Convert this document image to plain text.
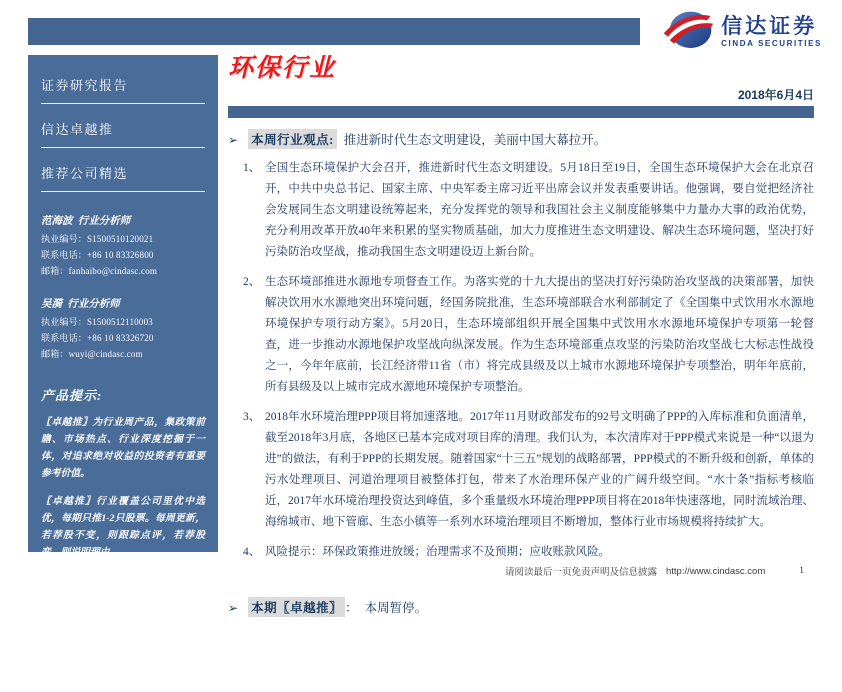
信达证券
CINDA SECURITIES
证券研究报告
信达卓越推
推荐公司精选
范海波 行业分析师
执业编号：S1500510120021
联系电话：+86 10 83326800
邮箱：fanhaibo@cindasc.com
吴漪 行业分析师
执业编号：S1500512110003
联系电话：+86 10 83326720
邮箱：wuyi@cindasc.com
产品提示:

〖卓越推〗为行业周产品，集政策前瞻、市场热点、行业深度挖掘于一体，对追求绝对收益的投资者有重要参考价值。

〖卓越推〗行业覆盖公司里优中选优，每期只推1-2只股票。每周更新，若荐股不变，则跟踪点评，若荐股变，则说明理由。

〖卓越推〗为未来3个月我们最看好，我们认为这些股票走势将显著战胜市场，建议重点配置。

信达证券股份有限公司
CINDA SECURITIES CO.,LTD
北京市西城区闹市口大街9号院1号楼
邮编：100031
环保行业
2018年6月4日
➢ 本周行业观点: 推进新时代生态文明建设，美丽中国大幕拉开。
1、 全国生态环境保护大会召开，推进新时代生态文明建设。5月18日至19日，全国生态环境保护大会在北京召开，中共中央总书记、国家主席、中央军委主席习近平出席会议并发表重要讲话。他强调，要自觉把经济社会发展同生态文明建设统筹起来，充分发挥党的领导和我国社会主义制度能够集中力量办大事的政治优势，充分利用改革开放40年来积累的坚实物质基础，加大力度推进生态文明建设、解决生态环境问题，坚决打好污染防治攻坚战，推动我国生态文明建设迈上新台阶。
2、 生态环境部推进水源地专项督查工作。为落实党的十九大提出的坚决打好污染防治攻坚战的决策部署，加快解决饮用水水源地突出环境问题，经国务院批准，生态环境部联合水利部制定了《全国集中式饮用水水源地环境保护专项行动方案》。5月20日，生态环境部组织开展全国集中式饮用水水源地环境保护专项第一轮督查，进一步推动水源地保护攻坚战向纵深发展。作为生态环境部重点攻坚的污染防治攻坚战七大标志性战役之一，今年年底前，长江经济带11省（市）将完成县级及以上城市水源地环境保护专项整治，明年年底前，所有县级及以上城市完成水源地环境保护专项整治。
3、 2018年水环境治理PPP项目将加速落地。2017年11月财政部发布的92号文明确了PPP的入库标准和负面清单，截至2018年3月底，各地区已基本完成对项目库的清理。我们认为，本次清库对于PPP模式来说是一种“以退为进”的做法，有利于PPP的长期发展。随着国家“十三五”规划的战略部署，PPP模式的不断升级和创新，单体的污水处理项目、河道治理项目被整体打包，带来了水治理环保产业的广阔升级空间。“水十条”指标考核临近，2017年水环境治理投资达到峰值，多个重量级水环境治理PPP项目将在2018年快速落地，同时流域治理、海绵城市、地下管廊、生态小镇等一系列水环境治理项目不断增加，整体行业市场规模将持续扩大。
4、 风险提示：环保政策推进放缓；治理需求不及预期；应收账款风险。
➢ 本期〖卓越推〗 ： 本周暂停。
请阅读最后一页免责声明及信息披露 http://www.cindasc.com	1
